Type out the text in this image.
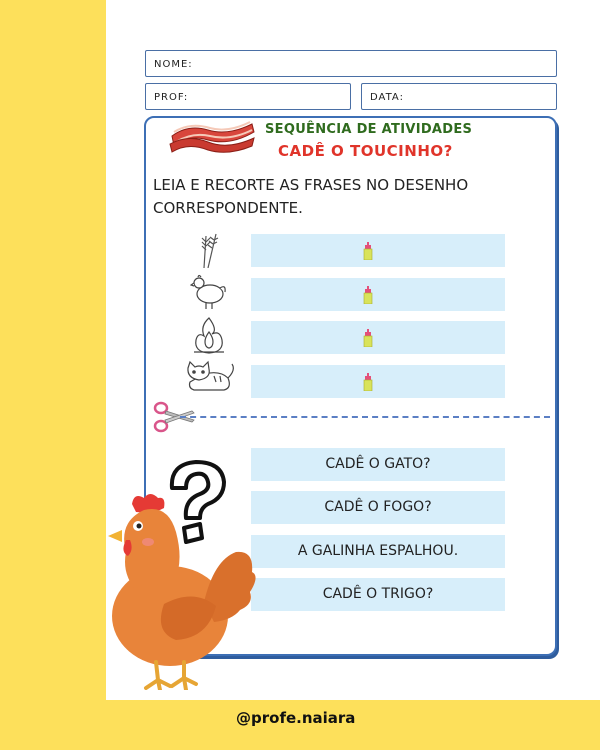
NOME:
PROF:	DATA:
SEQUÊNCIA DE ATIVIDADES
CADÊ O TOUCINHO?
LEIA E RECORTE AS FRASES NO DESENHO CORRESPONDENTE.
CADÊ O GATO?
CADÊ O FOGO?
A GALINHA ESPALHOU.
CADÊ O TRIGO?
@profe.naiara
